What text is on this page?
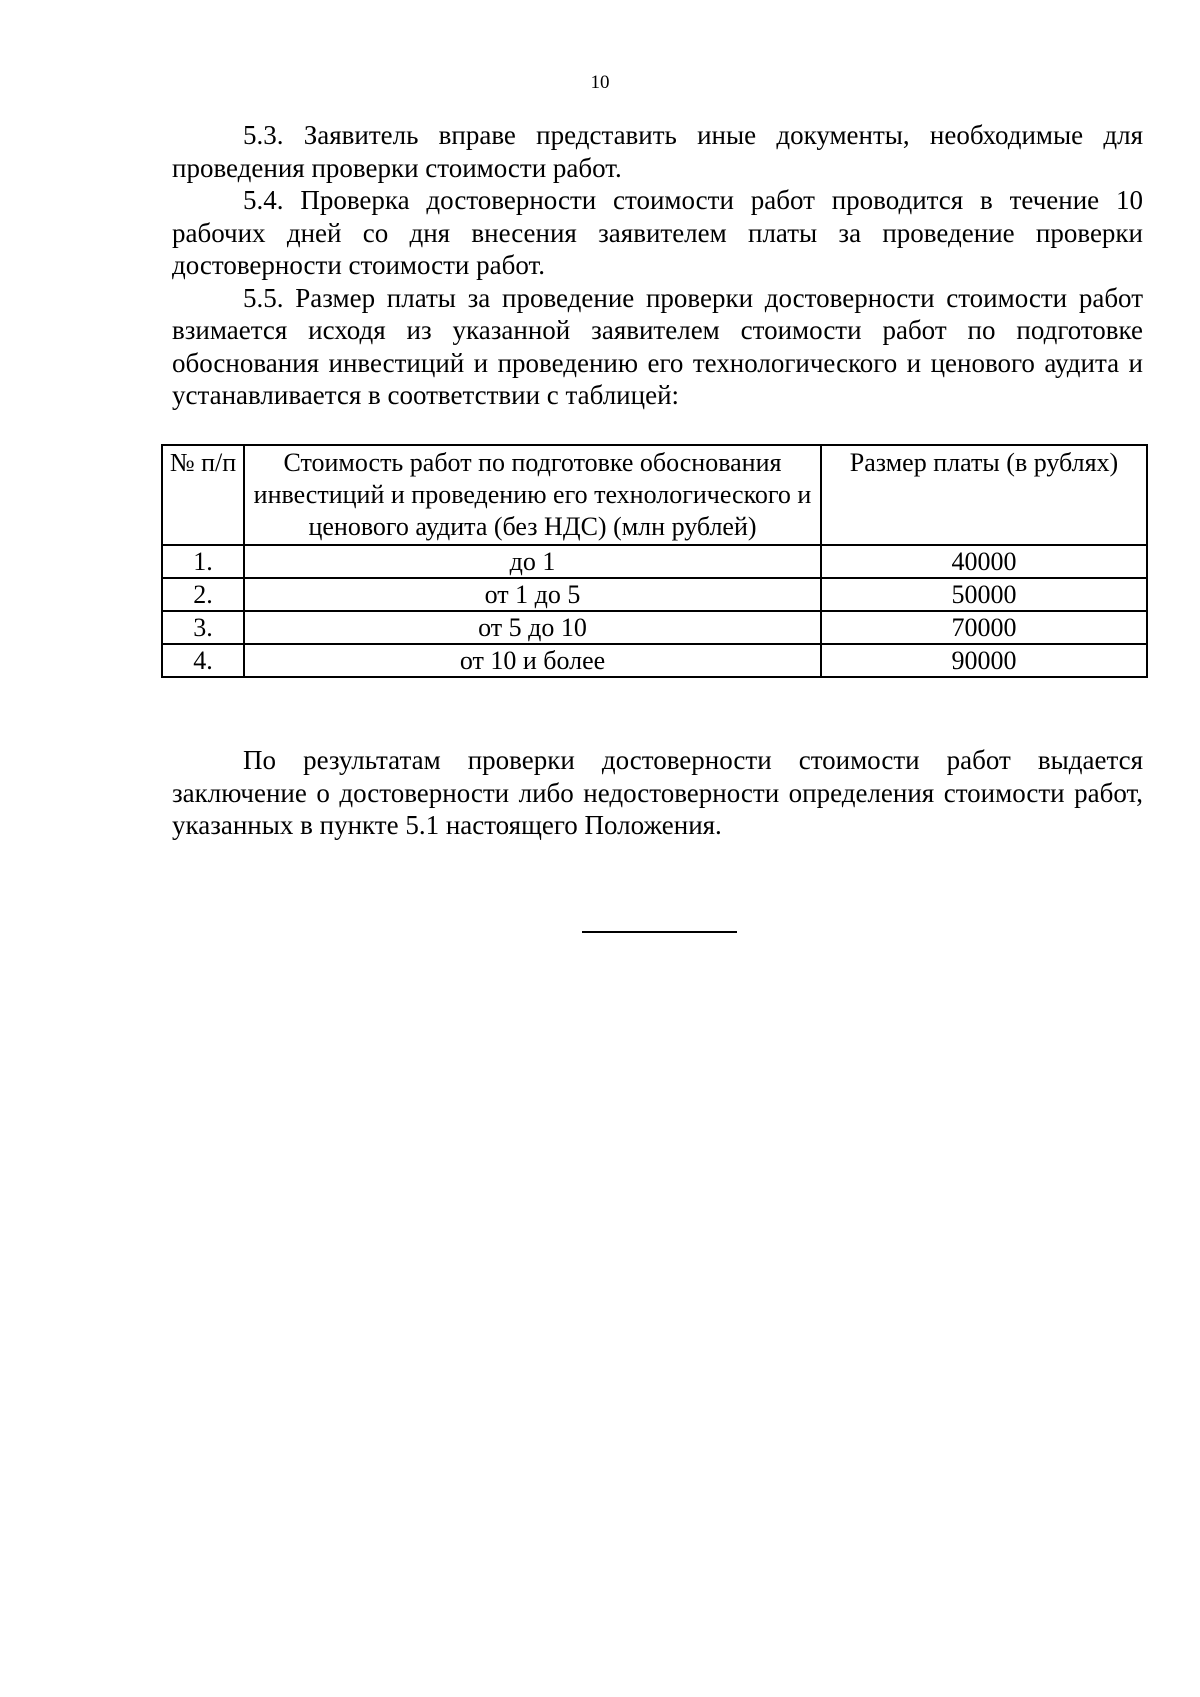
10

5.3. Заявитель вправе представить иные документы, необходимые для проведения проверки стоимости работ.

5.4. Проверка достоверности стоимости работ проводится в течение 10 рабочих дней со дня внесения заявителем платы за проведение проверки достоверности стоимости работ.

5.5. Размер платы за проведение проверки достоверности стоимости работ взимается исходя из указанной заявителем стоимости работ по подготовке обоснования инвестиций и проведению его технологического и ценового аудита и устанавливается в соответствии с таблицей:

№ п/п	Стоимость работ по подготовке обоснования инвестиций и проведению его технологического и ценового аудита (без НДС) (млн рублей)	Размер платы (в рублях)
1.	до 1	40000
2.	от 1 до 5	50000
3.	от 5 до 10	70000
4.	от 10 и более	90000

По результатам проверки достоверности стоимости работ выдается заключение о достоверности либо недостоверности определения стоимости работ, указанных в пункте 5.1 настоящего Положения.
